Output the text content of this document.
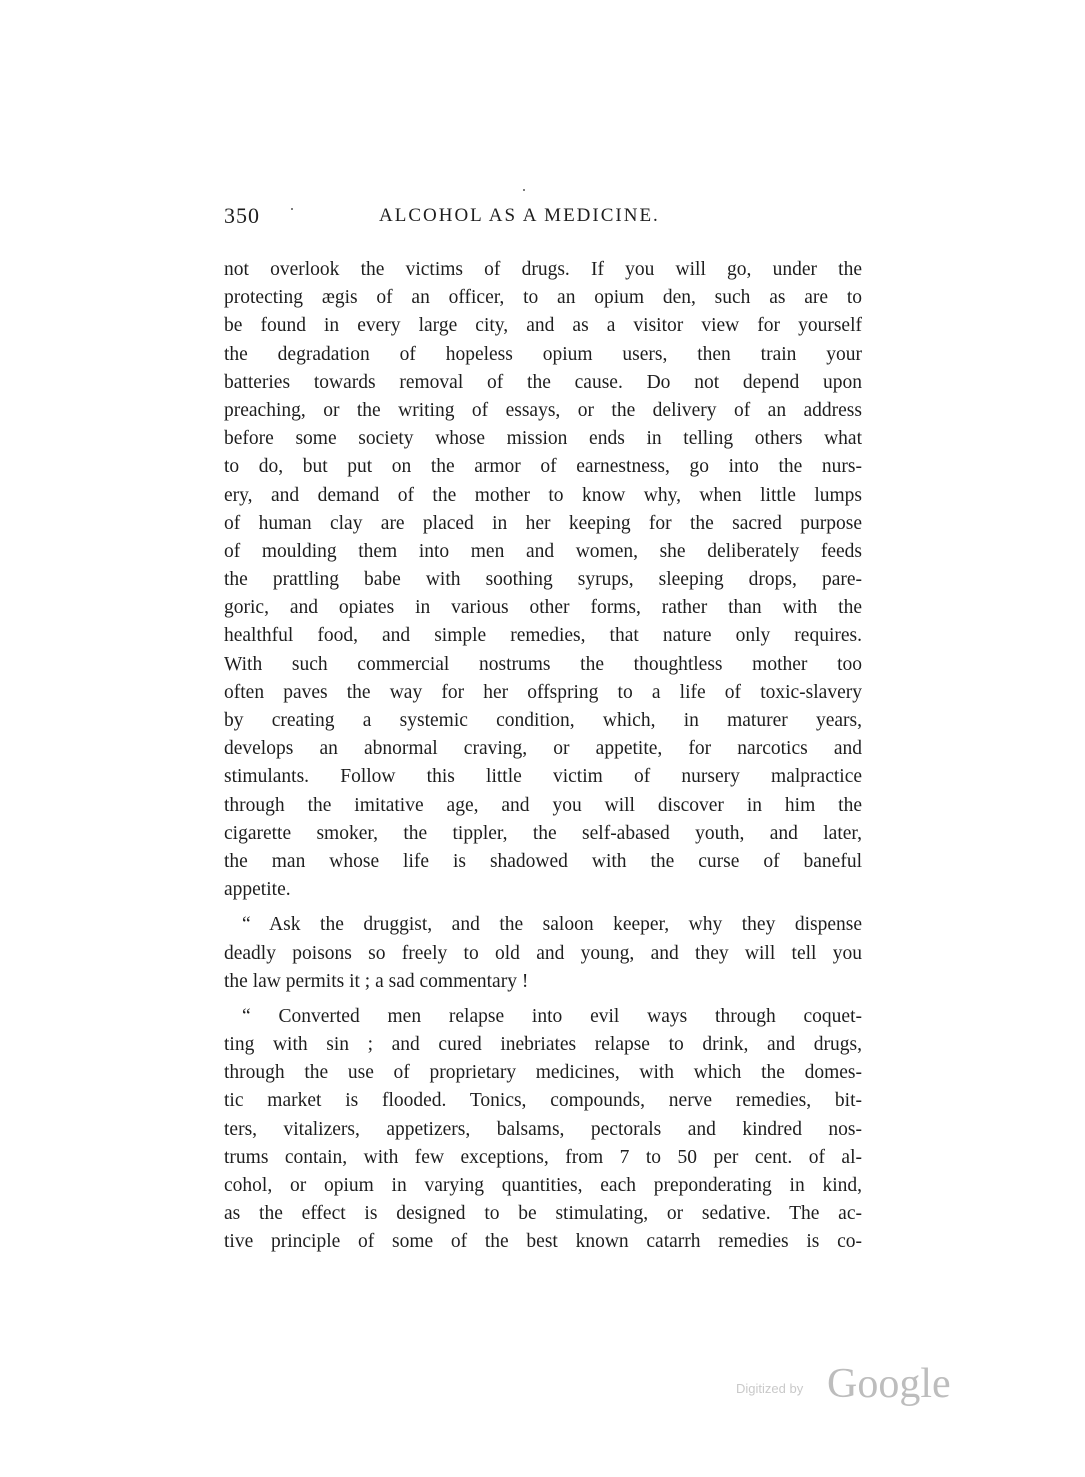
350	ALCOHOL AS A MEDICINE.
not overlook the victims of drugs. If you will go, under the
protecting ægis of an officer, to an opium den, such as are to
be found in every large city, and as a visitor view for yourself
the degradation of hopeless opium users, then train your
batteries towards removal of the cause. Do not depend upon
preaching, or the writing of essays, or the delivery of an address
before some society whose mission ends in telling others what
to do, but put on the armor of earnestness, go into the nurs-
ery, and demand of the mother to know why, when little lumps
of human clay are placed in her keeping for the sacred purpose
of moulding them into men and women, she deliberately feeds
the prattling babe with soothing syrups, sleeping drops, pare-
goric, and opiates in various other forms, rather than with the
healthful food, and simple remedies, that nature only requires.
With such commercial nostrums the thoughtless mother too
often paves the way for her offspring to a life of toxic-slavery
by creating a systemic condition, which, in maturer years,
develops an abnormal craving, or appetite, for narcotics and
stimulants. Follow this little victim of nursery malpractice
through the imitative age, and you will discover in him the
cigarette smoker, the tippler, the self-abased youth, and later,
the man whose life is shadowed with the curse of baneful
appetite.
“ Ask the druggist, and the saloon keeper, why they dispense
deadly poisons so freely to old and young, and they will tell you
the law permits it ; a sad commentary !
“ Converted men relapse into evil ways through coquet-
ting with sin ; and cured inebriates relapse to drink, and drugs,
through the use of proprietary medicines, with which the domes-
tic market is flooded. Tonics, compounds, nerve remedies, bit-
ters, vitalizers, appetizers, balsams, pectorals and kindred nos-
trums contain, with few exceptions, from 7 to 50 per cent. of al-
cohol, or opium in varying quantities, each preponderating in kind,
as the effect is designed to be stimulating, or sedative. The ac-
tive principle of some of the best known catarrh remedies is co-
Digitized by Google
